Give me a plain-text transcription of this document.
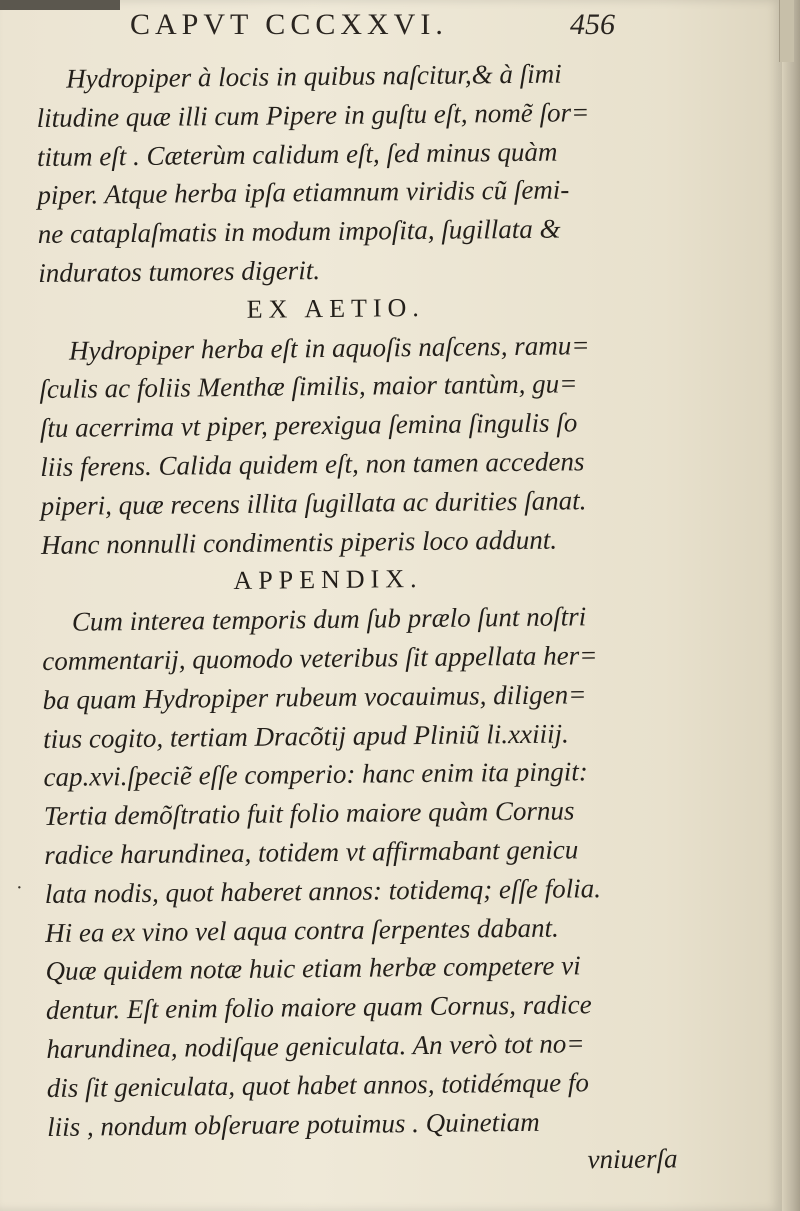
CAPVT CCCXXVI.	456
·
Hydropiper à locis in quibus naſcitur,& à ſimi
litudine quæ illi cum Pipere in guſtu eſt, nomẽ ſor=
titum eſt . Cæterùm calidum eſt, ſed minus quàm
piper. Atque herba ipſa etiamnum viridis cũ ſemi-
ne cataplaſmatis in modum impoſita, ſugillata &
induratos tumores digerit.
EX AETIO.
Hydropiper herba eſt in aquoſis naſcens, ramu=
ſculis ac foliis Menthæ ſimilis, maior tantùm, gu=
ſtu acerrima vt piper, perexigua ſemina ſingulis ſo
liis ferens. Calida quidem eſt, non tamen accedens
piperi, quæ recens illita ſugillata ac durities ſanat.
Hanc nonnulli condimentis piperis loco addunt.
APPENDIX.
Cum interea temporis dum ſub prælo ſunt noſtri
commentarij, quomodo veteribus ſit appellata her=
ba quam Hydropiper rubeum vocauimus, diligen=
tius cogito, tertiam Dracõtij apud Pliniũ li.xxiiij.
cap.xvi.ſpeciẽ eſſe comperio: hanc enim ita pingit:
Tertia demõſtratio fuit folio maiore quàm Cornus
radice harundinea, totidem vt affirmabant genicu
lata nodis, quot haberet annos: totidemq; eſſe folia.
Hi ea ex vino vel aqua contra ſerpentes dabant.
Quæ quidem notæ huic etiam herbæ competere vi
dentur. Eſt enim folio maiore quam Cornus, radice
harundinea, nodiſque geniculata. An verò tot no=
dis ſit geniculata, quot habet annos, totidémque fo
liis , nondum obſeruare potuimus . Quinetiam
vniuerſa
